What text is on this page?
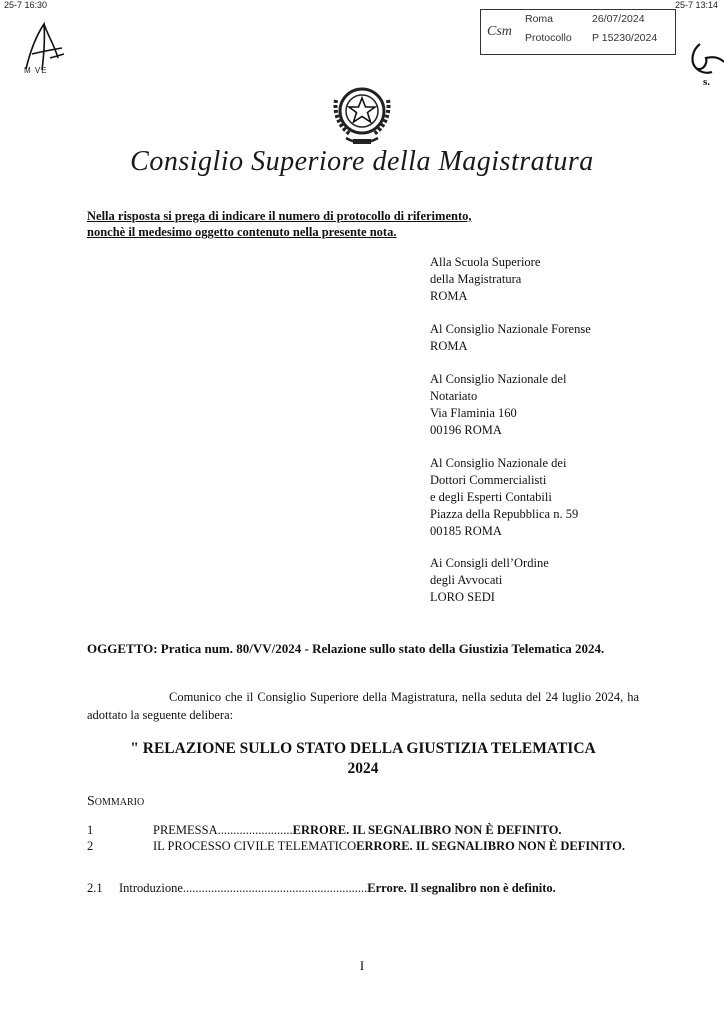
25-7 16:30	25-7 13:14
M VE
s.
Csm
Roma	26/07/2024
Protocollo P 15230/2024
Consiglio Superiore della Magistratura
Nella risposta si prega di indicare il numero di protocollo di riferimento,
nonchè il medesimo oggetto contenuto nella presente nota.
Alla Scuola Superiore
della Magistratura
ROMA
Al Consiglio Nazionale Forense
ROMA
Al Consiglio Nazionale del
Notariato
Via Flaminia 160
00196 ROMA
Al Consiglio Nazionale dei
Dottori Commercialisti
e degli Esperti Contabili
Piazza della Repubblica n. 59
00185 ROMA
Ai Consigli dell’Ordine
degli Avvocati
LORO SEDI
OGGETTO: Pratica num. 80/VV/2024 - Relazione sullo stato della Giustizia Telematica 2024.
Comunico che il Consiglio Superiore della Magistratura, nella seduta del 24 luglio 2024, ha adottato la seguente delibera:
" RELAZIONE SULLO STATO DELLA GIUSTIZIA TELEMATICA
2024
Sommario
1	PREMESSA........................ERRORE. IL SEGNALIBRO NON È DEFINITO.
2	IL PROCESSO CIVILE TELEMATICOERRORE. IL SEGNALIBRO NON È DEFINITO.
2.1 Introduzione...........................................................Errore. Il segnalibro non è definito.
I
